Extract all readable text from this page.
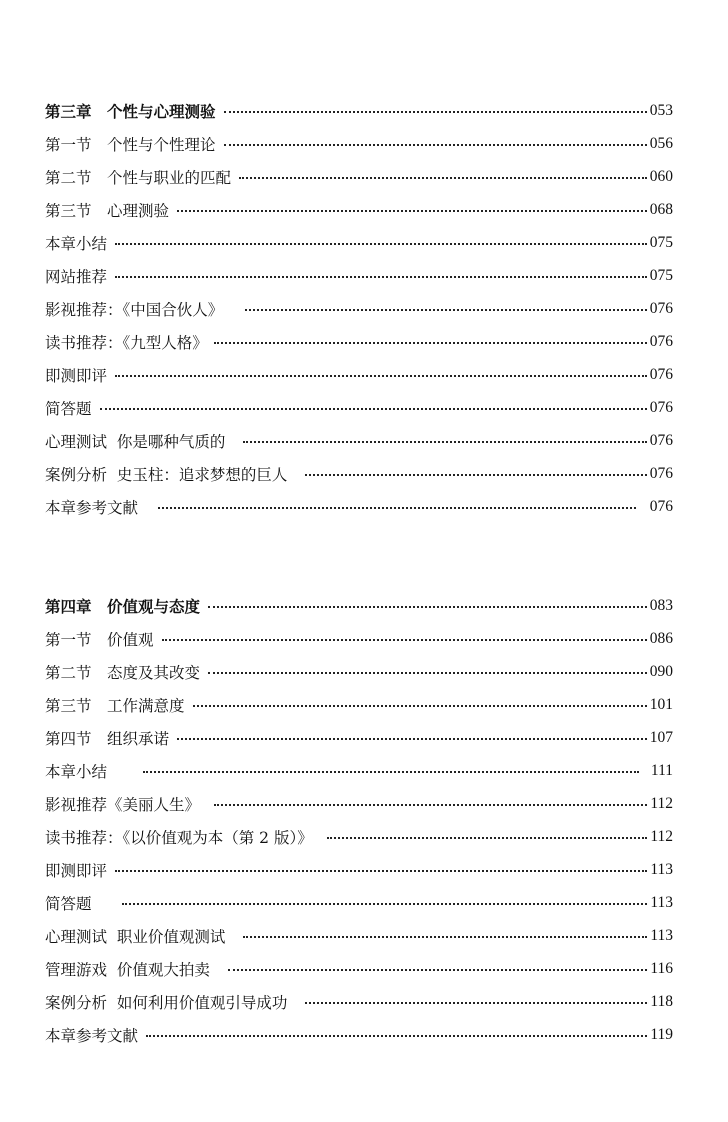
第三章　个性与心理测验	053
第一节　个性与个性理论	056
第二节　个性与职业的匹配	060
第三节　心理测验	068
本章小结	075
网站推荐	075
影视推荐：《中国合伙人》	076
读书推荐：《九型人格》	076
即测即评	076
简答题	076
心理测试  你是哪种气质的	076
案例分析  史玉柱：追求梦想的巨人	076
本章参考文献	076
第四章　价值观与态度	083
第一节　价值观	086
第二节　态度及其改变	090
第三节　工作满意度	101
第四节　组织承诺	107
本章小结	111
影视推荐《美丽人生》	112
读书推荐：《以价值观为本（第 2 版）》	112
即测即评	113
简答题	113
心理测试  职业价值观测试	113
管理游戏  价值观大拍卖	116
案例分析  如何利用价值观引导成功	118
本章参考文献	119
